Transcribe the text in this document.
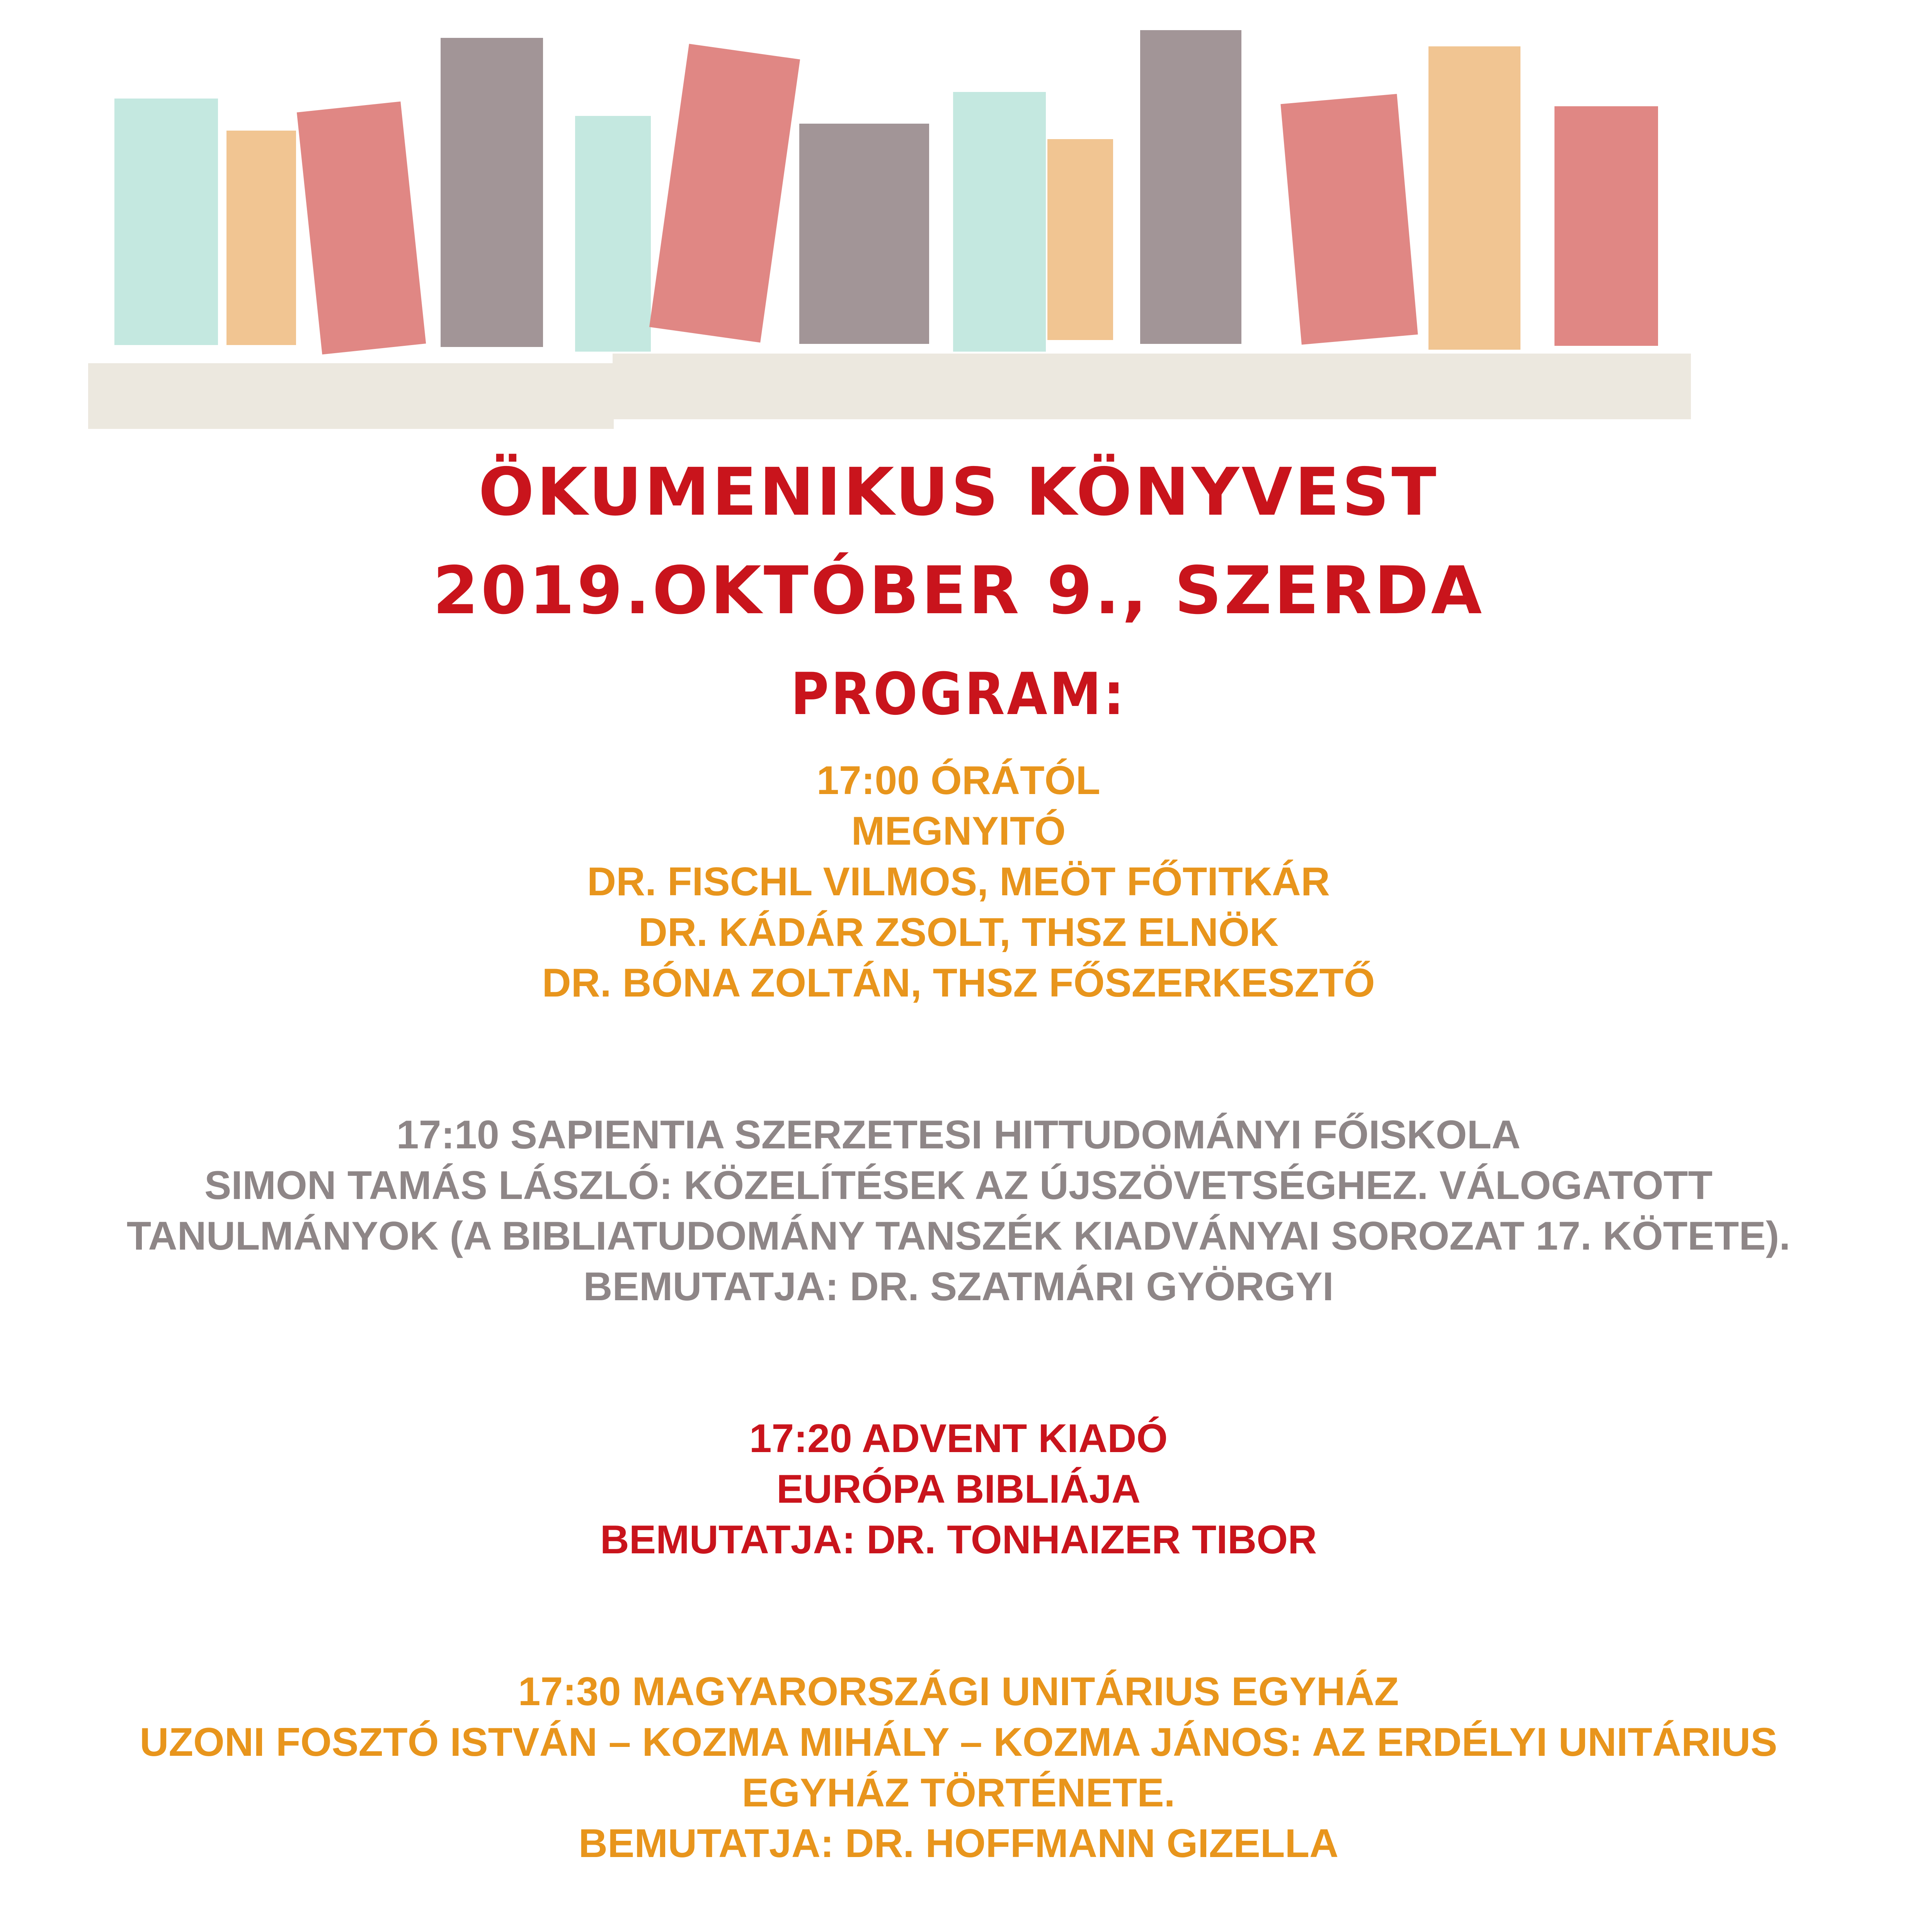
ÖKUMENIKUS KÖNYVEST
2019.OKTÓBER 9., SZERDA
PROGRAM:
17:00 ÓRÁTÓL
MEGNYITÓ
DR. FISCHL VILMOS, MEÖT FŐTITKÁR
DR. KÁDÁR ZSOLT, THSZ ELNÖK
DR. BÓNA ZOLTÁN, THSZ FŐSZERKESZTŐ
17:10 SAPIENTIA SZERZETESI HITTUDOMÁNYI FŐISKOLA
SIMON TAMÁS LÁSZLÓ: KÖZELÍTÉSEK AZ ÚJSZÖVETSÉGHEZ. VÁLOGATOTT
TANULMÁNYOK (A BIBLIATUDOMÁNY TANSZÉK KIADVÁNYAI SOROZAT 17. KÖTETE).
BEMUTATJA: DR. SZATMÁRI GYÖRGYI
17:20 ADVENT KIADÓ
EURÓPA BIBLIÁJA
BEMUTATJA: DR. TONHAIZER TIBOR
17:30 MAGYARORSZÁGI UNITÁRIUS EGYHÁZ
UZONI FOSZTÓ ISTVÁN – KOZMA MIHÁLY – KOZMA JÁNOS: AZ ERDÉLYI UNITÁRIUS
EGYHÁZ TÖRTÉNETE.
BEMUTATJA: DR. HOFFMANN GIZELLA
